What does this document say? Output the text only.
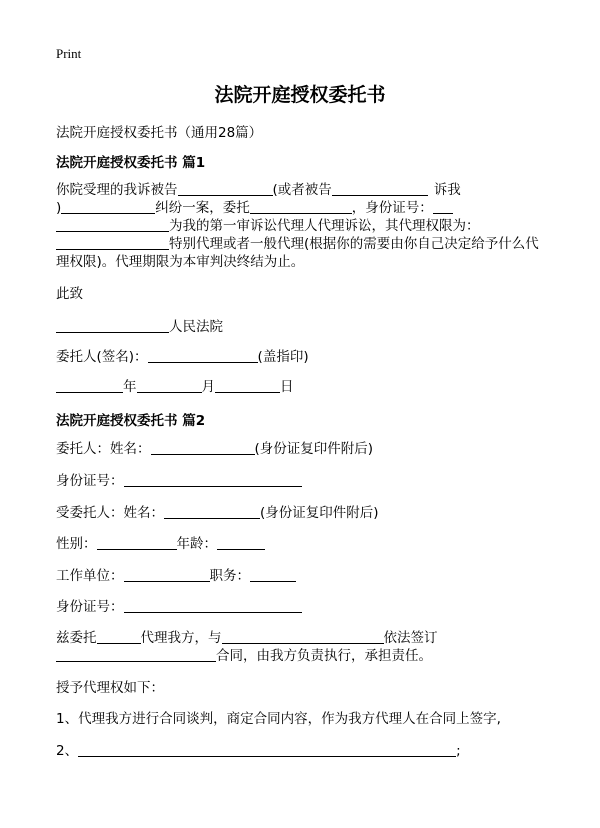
Print
法院开庭授权委托书
法院开庭授权委托书（通用28篇）
法院开庭授权委托书 篇1
你院受理的我诉被告	(或者被告	诉我
)	纠纷一案，委托	，身份证号：
为我的第一审诉讼代理人代理诉讼，其代理权限为：
特别代理或者一般代理(根据你的需要由你自己决定给予什么代
理权限)。代理期限为本审判决终结为止。
此致
人民法院
委托人(签名)：	(盖指印)
年	月	日
法院开庭授权委托书 篇2
委托人：姓名：	(身份证复印件附后)
身份证号：
受委托人：姓名：	(身份证复印件附后)
性别：	年龄：
工作单位：	职务：
身份证号：
兹委托	代理我方，与	依法签订
合同，由我方负责执行，承担责任。
授予代理权如下：
1、代理我方进行合同谈判，商定合同内容，作为我方代理人在合同上签字,
2、	;
